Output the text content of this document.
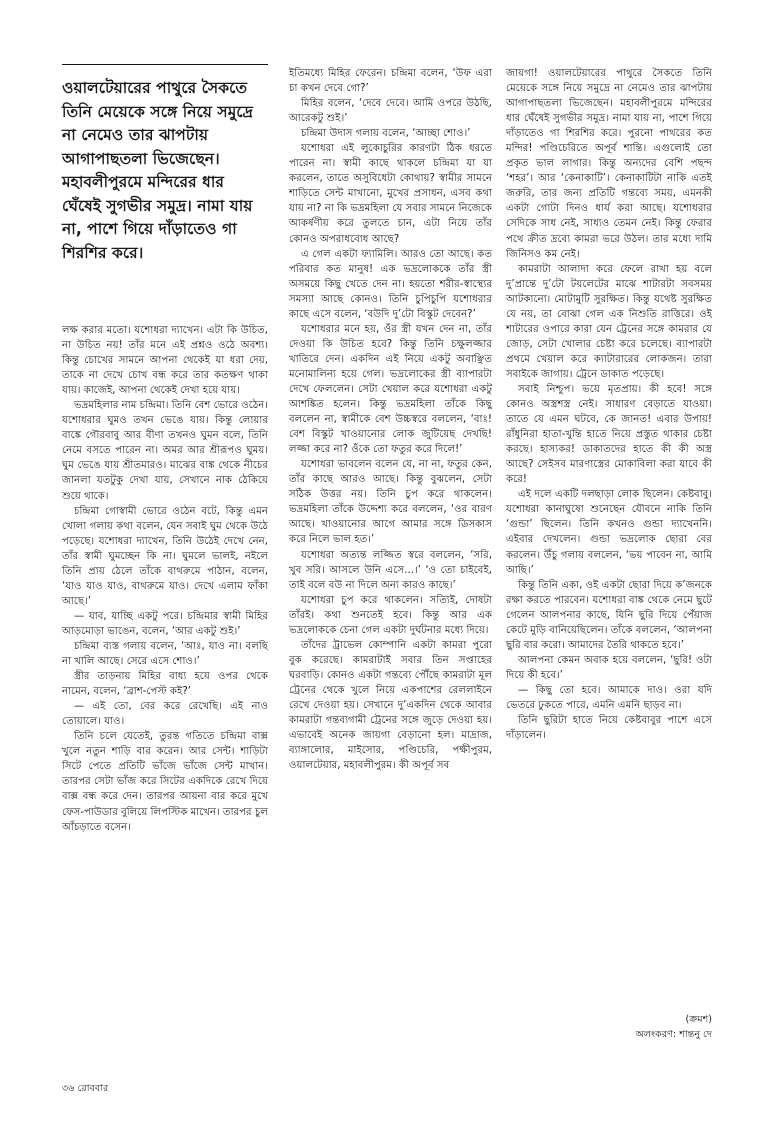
ওয়ালটেয়ারের পাথুরে সৈকতে তিনি মেয়েকে সঙ্গে নিয়ে সমুদ্রে না নেমেও তার ঝাপটায় আগাপাছতলা ভিজেছেন। মহাবলীপুরমে মন্দিরের ধার ঘেঁষেই সুগভীর সমুদ্র। নামা যায় না, পাশে গিয়ে দাঁড়াতেও গা শিরশির করে।

লক্ষ করার মতো। যশোধরা দ্যাখেন। এটা কি উচিত, না উচিত নয়! তাঁর মনে এই প্রশ্নও ওঠে অবশ্য। কিন্তু চোখের সামনে আপনা থেকেই যা ধরা দেয়, তাকে না দেখে চোখ বন্ধ করে তার কতক্ষণ থাকা যায়। কাজেই, আপনা থেকেই দেখা হয়ে যায়।

ভদ্রমহিলার নাম চন্দ্রিমা। তিনি বেশ ভোরে ওঠেন। যশোধরার ঘুমও তখন ভেঙে যায়। কিন্তু লোয়ার বাঙ্কে গৌরবাবু আর বীণা তখনও ঘুমন বলে, তিনি নেমে বসতে পারেন না। অমর আর শ্রীরূপও ঘুময়। ঘুম ভেঙে যায় শ্রীতমারও। মাঝের বাঙ্ক থেকে নীচের জানলা যতটুকু দেখা যায়, সেখানে নাক ঠেকিয়ে শুয়ে থাকে।

চন্দ্রিমা গোস্বামী ভোরে ওঠেন বটে, কিন্তু এমন খোলা গলায় কথা বলেন, যেন সবাই ঘুম থেকে উঠে পড়েছে। যশোধরা দ্যাখেন, তিনি উঠেই দেখে নেন, তাঁর স্বামী ঘুমচ্ছেন কি না। ঘুমলে ভালই, নইলে তিনি প্রায় ঠেলে তাঁকে বাথরুমে পাঠান, বলেন, ‘যাও যাও যাও, বাথরুমে যাও। দেখে এলাম ফাঁকা আছে।’

— যাব, যাচ্ছি একটু পরে। চন্দ্রিমার স্বামী মিহির আড়মোড়া ভাঙেন, বলেন, ‘আর একটু শুই।’

চন্দ্রিমা ব্যস্ত গলায় বলেন, ‘আঃ, যাও না। বলছি না খালি আছে। সেরে এসে শোও।’

স্ত্রীর তাড়নায় মিহির বাধ্য হয়ে ওপর থেকে নামেন, বলেন, ‘ব্রাশ-পেস্ট কই?’

— এই তো, বের করে রেখেছি। এই নাও তোয়ালে। যাও।

তিনি চলে যেতেই, তুরন্ত গতিতে চন্দ্রিমা বাক্স খুলে নতুন শাড়ি বার করেন। আর সেন্ট। শাড়িটা সিটে পেতে প্রতিটি ভাঁজে ভাঁজে সেন্ট মাখান। তারপর সেটা ভাঁজ করে সিটের একদিকে রেখে দিয়ে বাক্স বন্ধ করে দেন। তারপর আয়না বার করে মুখে ফেস-পাউডার বুলিয়ে লিপস্টিক মাখেন। তারপর চুল আঁচড়াতে বসেন।

ইতিমধ্যে মিহির ফেরেন। চন্দ্রিমা বলেন, ‘উফ এরা চা কখন দেবে গো?’

মিহির বলেন, ‘দেবে দেবে। আমি ওপরে উঠছি, আরেকটু শুই।’

চন্দ্রিমা উদাস গলায় বলেন, ‘আচ্ছা শোও।’

যশোধরা এই লুকোচুরির কারণটা ঠিক ধরতে পারেন না। স্বামী কাছে থাকলে চন্দ্রিমা যা যা করলেন, তাতে অসুবিধেটা কোথায়? স্বামীর সামনে শাড়িতে সেন্ট মাখানো, মুখের প্রসাধন, এসব কথা যায় না? না কি ভদ্রমহিলা যে সবার সামনে নিজেকে আকর্ষণীয় করে তুলতে চান, এটা নিয়ে তাঁর কোনও অপরাধবোধ আছে?

এ গেল একটা ফ্যামিলি। আরও তো আছে। কত পরিবার কত মানুষ! এক ভদ্রলোককে তাঁর স্ত্রী অসময়ে কিছু খেতে দেন না। হয়তো শরীর-স্বাস্থ্যের সমস্যা আছে কোনও। তিনি চুপিচুপি যশোধরার কাছে এসে বলেন, ‘বউদি দু’টো বিস্কুট দেবেন?’

যশোধরার মনে হয়, ওঁর স্ত্রী যখন দেন না, তাঁর দেওয়া কি উচিত হবে? কিন্তু তিনি চক্ষুলজ্জার খাতিরে দেন। একদিন এই নিয়ে একটু অবাঞ্ছিত মনোমালিন্য হয়ে গেল। ভদ্রলোকের স্ত্রী ব্যাপারটা দেখে ফেললেন। সেটা খেয়াল করে যশোধরা একটু আশঙ্কিত হলেন। কিন্তু ভদ্রমহিলা তাঁকে কিছু বললেন না, স্বামীকে বেশ উচ্চস্বরে বললেন, ‘বাঃ! বেশ বিস্কুট খাওয়ানোর লোক জুটিয়েছ দেখছি! লজ্জা করে না? ওঁকে তো ফতুর করে দিলে!’

যশোধরা ভাবলেন বলেন যে, না না, ফতুর কেন, তাঁর কাছে আরও আছে। কিন্তু বুঝলেন, সেটা সঠিক উত্তর নয়। তিনি চুপ করে থাকলেন। ভদ্রমহিলা তাঁকে উদ্দেশ্য করে বললেন, ‘ওর বারণ আছে। খাওয়ানোর আগে আমার সঙ্গে ডিসকাস করে নিলে ভাল হত।’

যশোধরা অত্যন্ত লজ্জিত স্বরে বললেন, ‘সরি, খুব সরি। আসলে উনি এসে...।’ ‘ও তো চাইবেই, তাই বলে বউ না দিলে অন্য কারও কাছে।’

যশোধরা চুপ করে থাকলেন। সত্যিই, দোষটা তাঁরই। কথা শুনতেই হবে। কিন্তু আর এক ভদ্রলোককে চেনা গেল একটা দুর্ঘটনার মধ্যে দিয়ে।

তাঁদের ট্রাভেল কোম্পানি একটা কামরা পুরো বুক করেছে। কামরাটাই সবার তিন সপ্তাহের ঘরবাড়ি। কোনও একটা গন্তব্যে পৌঁছে কামরাটা মূল ট্রেনের থেকে খুলে নিয়ে একপাশের রেললাইনে রেখে দেওয়া হয়। সেখানে দু’একদিন থেকে আবার কামরাটা গন্তব্যগামী ট্রেনের সঙ্গে জুড়ে দেওয়া হয়। এভাবেই অনেক জায়গা বেড়ানো হল। মাদ্রাজ, ব্যাঙ্গালোর, মাইসোর, পণ্ডিচেরি, পক্ষীপুরম, ওয়ালটেয়ার, মহাবলীপুরম। কী অপূর্ব সব

জায়গা! ওয়ালটেয়ারের পাথুরে সৈকতে তিনি মেয়েকে সঙ্গে নিয়ে সমুদ্রে না নেমেও তার ঝাপটায় আগাপাছতলা ভিজেছেন। মহাবলীপুরমে মন্দিরের ধার ঘেঁষেই সুগভীর সমুদ্র। নামা যায় না, পাশে গিয়ে দাঁড়াতেও গা শিরশির করে। পুরনো পাথরের কত মন্দির! পণ্ডিচেরিতে অপূর্ব শান্তি। এগুলোই তো প্রকৃত ভাল লাগার। কিন্তু অন্যদের বেশি পছন্দ ‘শহর’। আর ‘কেনাকাটি’। কেনাকাটিটা নাকি এতই জরুরি, তার জন্য প্রতিটি গন্তব্যে সময়, এমনকী একটা গোটা দিনও ধার্য করা আছে। যশোধরার সেদিকে সাধ নেই, সাধ্যও তেমন নেই। কিন্তু ফেরার পথে ক্রীত দ্রব্যে কামরা ভরে উঠল। তার মধ্যে দামি জিনিসও কম নেই।

কামরাটা আলাদা করে ফেলে রাখা হয় বলে দু’প্রান্তে দু’টো টয়লেটের মাঝে শাটারটা সবসময় আটকানো। মোটামুটি সুরক্ষিত। কিন্তু যথেষ্ট সুরক্ষিত যে নয়, তা বোঝা গেল এক নিশুতি রাত্তিরে। ওই শাটারের ওপারে কারা যেন ট্রেনের সঙ্গে কামরার যে জোড়, সেটা খোলার চেষ্টা করে চলেছে। ব্যাপারটা প্রথমে খেয়াল করে ক্যাটারারের লোকজন। তারা সবাইকে জাগায়। ট্রেনে ডাকাত পড়েছে।

সবাই নিশ্চুপ। ভয়ে মৃতপ্রায়। কী হবে! সঙ্গে কোনও অস্ত্রশস্ত্র নেই। সাধারণ বেড়াতে যাওয়া। তাতে যে এমন ঘটবে, কে জানত! এবার উপায়! রাঁধুনিরা হাতা-খুন্তি হাতে নিয়ে প্রস্তুত থাকার চেষ্টা করছে। হাস্যকর! ডাকাতদের হাতে কী কী অস্ত্র আছে? সেইসব মারণাস্ত্রের মোকাবিলা করা যাবে কী করে!

এই দলে একটি দলছাড়া লোক ছিলেন। কেষ্টবাবু। যশোধরা কানাঘুষো শুনেছেন যৌবনে নাকি তিনি ‘গুন্ডা’ ছিলেন। তিনি কখনও গুন্ডা দ্যাখেননি। এইবার দেখলেন। গুন্ডা ভদ্রলোক ছোরা বের করলেন। উঁচু গলায় বললেন, ‘ভয় পাবেন না, আমি আছি।’

কিন্তু তিনি একা, ওই একটা ছোরা দিয়ে ক’জনকে রক্ষা করতে পারবেন। যশোধরা বাঙ্ক থেকে নেমে ছুটে গেলেন আলপনার কাছে, যিনি ছুরি দিয়ে পেঁয়াজ কেটে মুড়ি বানিয়েছিলেন। তাঁকে বললেন, ‘আলপনা ছুরি বার করো। আমাদের তৈরি থাকতে হবে।’

আলপনা কেমন অবাক হয়ে বললেন, ‘ছুরি! ওটা দিয়ে কী হবে।’

— কিছু তো হবে। আমাকে দাও। ওরা যদি ভেতরে ঢুকতে পারে, এমনি এমনি ছাড়ব না।

তিনি ছুরিটা হাতে নিয়ে কেষ্টবাবুর পাশে এসে দাঁড়ালেন।

(ক্রমশ)
অলংকরণ: শান্তনু দে
৩৬ রোববার
